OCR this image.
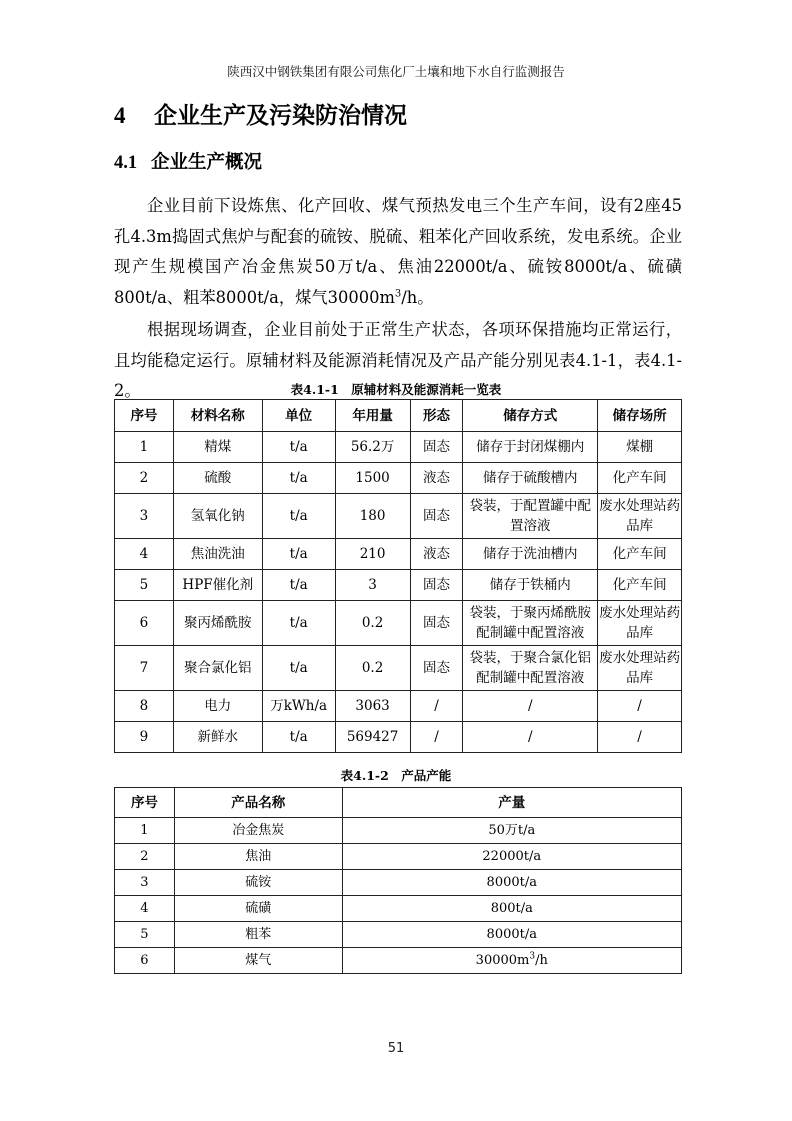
陕西汉中钢铁集团有限公司焦化厂土壤和地下水自行监测报告
4 企业生产及污染防治情况
4.1 企业生产概况
企业目前下设炼焦、化产回收、煤气预热发电三个生产车间，设有2座45孔4.3m捣固式焦炉与配套的硫铵、脱硫、粗苯化产回收系统，发电系统。企业现产生规模国产冶金焦炭50万t/a、焦油22000t/a、硫铵8000t/a、硫磺800t/a、粗苯8000t/a，煤气$30000m^3/h$。
根据现场调查，企业目前处于正常生产状态，各项环保措施均正常运行，且均能稳定运行。原辅材料及能源消耗情况及产品产能分别见表4.1-1，表4.1-2。	表4.1-1　原辅材料及能源消耗一览表
序号	材料名称	单位	年用量	形态	储存方式	储存场所
1	精煤	t/a	56.2万	固态	储存于封闭煤棚内	煤棚
2	硫酸	t/a	1500	液态	储存于硫酸槽内	化产车间
3	氢氧化钠	t/a	180	固态	袋装，于配置罐中配置溶液	废水处理站药品库
4	焦油洗油	t/a	210	液态	储存于洗油槽内	化产车间
5	HPF催化剂	t/a	3	固态	储存于铁桶内	化产车间
6	聚丙烯酰胺	t/a	0.2	固态	袋装，于聚丙烯酰胺配制罐中配置溶液	废水处理站药品库
7	聚合氯化铝	t/a	0.2	固态	袋装，于聚合氯化铝配制罐中配置溶液	废水处理站药品库
8	电力	万kWh/a	3063	/	/	/
9	新鲜水	t/a	569427	/	/	/
表4.1-2　产品产能
序号	产品名称	产量
1	冶金焦炭	50万t/a
2	焦油	22000t/a
3	硫铵	8000t/a
4	硫磺	800t/a
5	粗苯	8000t/a
6	煤气	$30000m^3/h$
51
